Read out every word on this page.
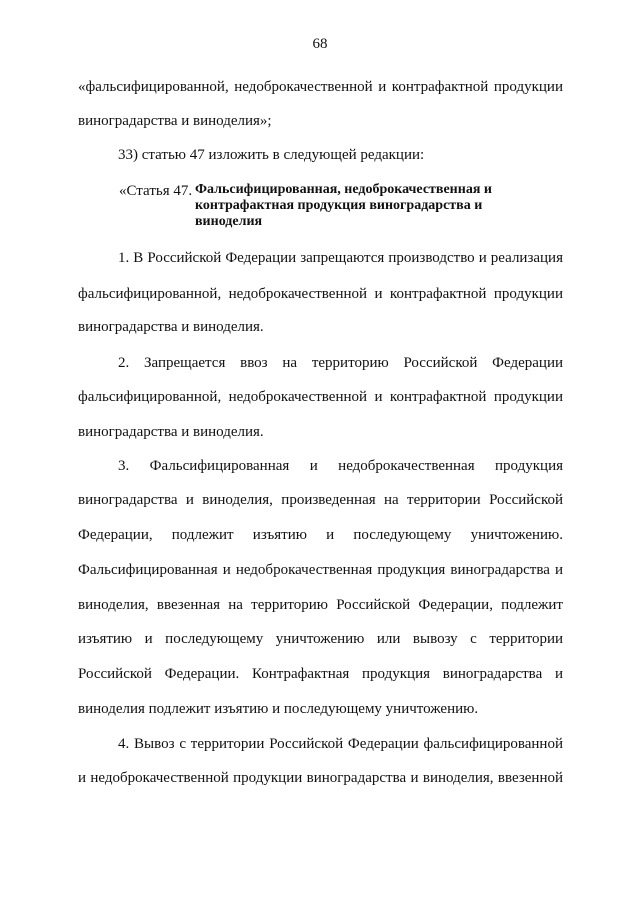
68
«фальсифицированной, недоброкачественной и контрафактной продукции
виноградарства и виноделия»;
33) статью 47 изложить в следующей редакции:
«Статья 47. Фальсифицированная, недоброкачественная и контрафактная продукция виноградарства и виноделия
1. В Российской Федерации запрещаются производство и реализация
фальсифицированной, недоброкачественной и контрафактной продукции
виноградарства и виноделия.
2. Запрещается ввоз на территорию Российской Федерации
фальсифицированной, недоброкачественной и контрафактной продукции
виноградарства и виноделия.
3. Фальсифицированная и недоброкачественная продукция
виноградарства и виноделия, произведенная на территории Российской
Федерации, подлежит изъятию и последующему уничтожению.
Фальсифицированная и недоброкачественная продукция виноградарства и
виноделия, ввезенная на территорию Российской Федерации, подлежит
изъятию и последующему уничтожению или вывозу с территории
Российской Федерации. Контрафактная продукция виноградарства и
виноделия подлежит изъятию и последующему уничтожению.
4. Вывоз с территории Российской Федерации фальсифицированной
и недоброкачественной продукции виноградарства и виноделия, ввезенной
